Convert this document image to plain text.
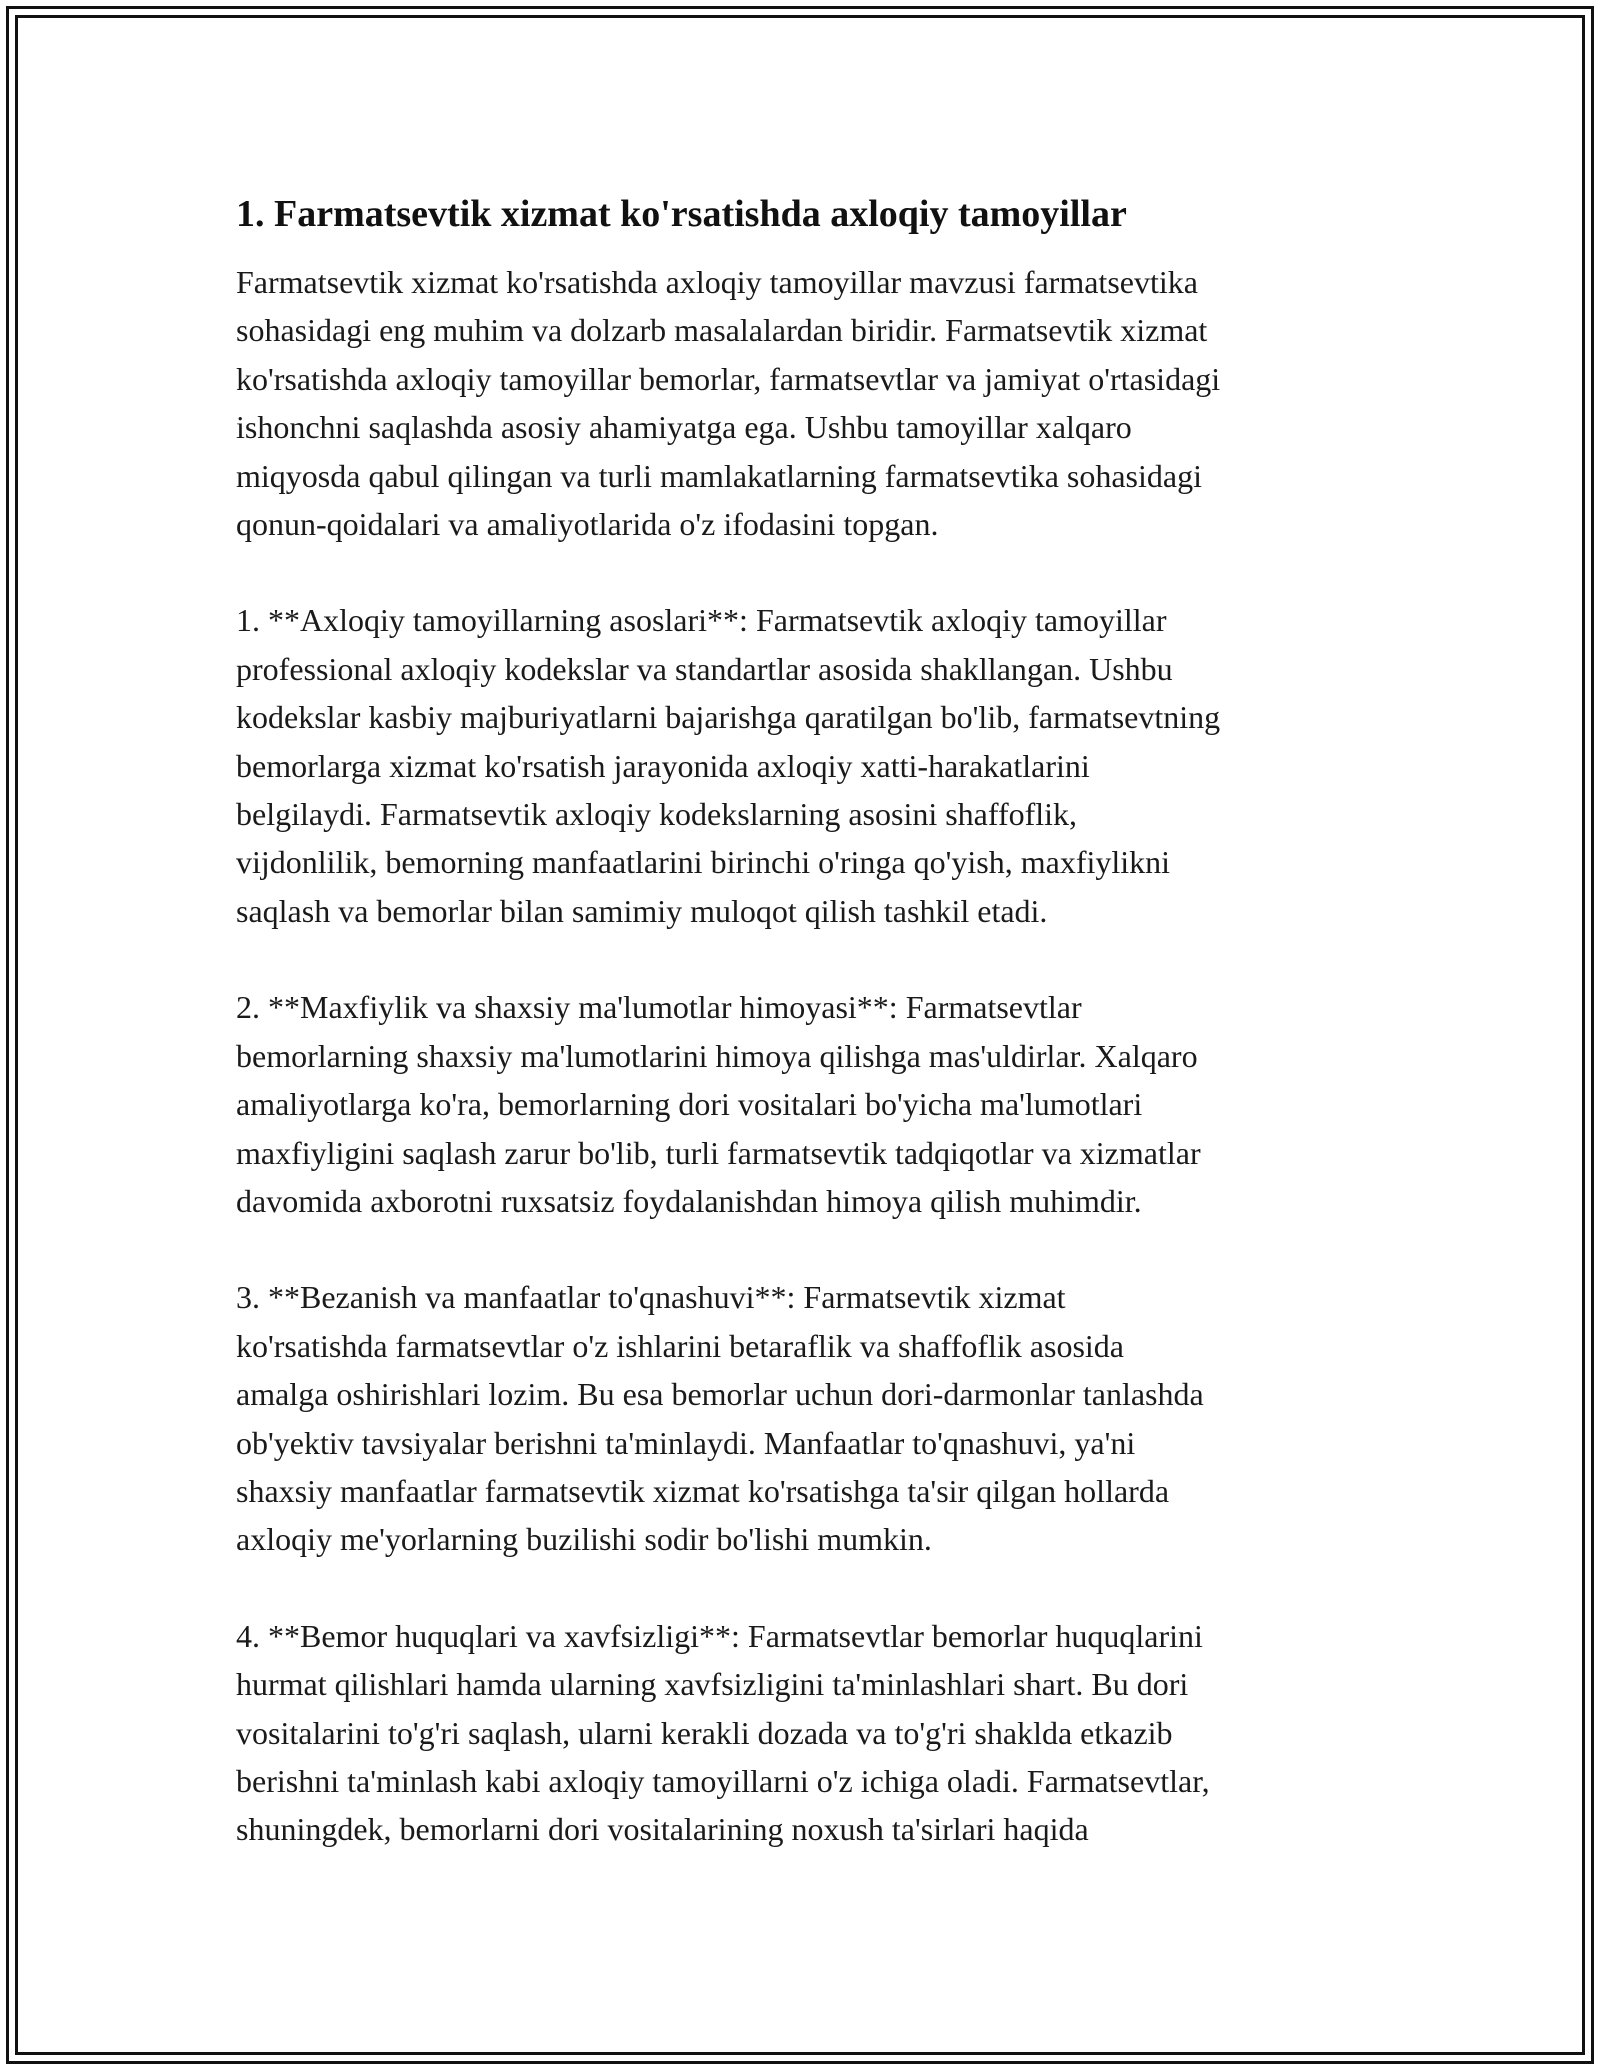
1. Farmatsevtik xizmat ko'rsatishda axloqiy tamoyillar

Farmatsevtik xizmat ko'rsatishda axloqiy tamoyillar mavzusi farmatsevtika
sohasidagi eng muhim va dolzarb masalalardan biridir. Farmatsevtik xizmat
ko'rsatishda axloqiy tamoyillar bemorlar, farmatsevtlar va jamiyat o'rtasidagi
ishonchni saqlashda asosiy ahamiyatga ega. Ushbu tamoyillar xalqaro
miqyosda qabul qilingan va turli mamlakatlarning farmatsevtika sohasidagi
qonun-qoidalari va amaliyotlarida o'z ifodasini topgan.

1. **Axloqiy tamoyillarning asoslari**: Farmatsevtik axloqiy tamoyillar
professional axloqiy kodekslar va standartlar asosida shakllangan. Ushbu
kodekslar kasbiy majburiyatlarni bajarishga qaratilgan bo'lib, farmatsevtning
bemorlarga xizmat ko'rsatish jarayonida axloqiy xatti-harakatlarini
belgilaydi. Farmatsevtik axloqiy kodekslarning asosini shaffoflik,
vijdonlilik, bemorning manfaatlarini birinchi o'ringa qo'yish, maxfiylikni
saqlash va bemorlar bilan samimiy muloqot qilish tashkil etadi.

2. **Maxfiylik va shaxsiy ma'lumotlar himoyasi**: Farmatsevtlar
bemorlarning shaxsiy ma'lumotlarini himoya qilishga mas'uldirlar. Xalqaro
amaliyotlarga ko'ra, bemorlarning dori vositalari bo'yicha ma'lumotlari
maxfiyligini saqlash zarur bo'lib, turli farmatsevtik tadqiqotlar va xizmatlar
davomida axborotni ruxsatsiz foydalanishdan himoya qilish muhimdir.

3. **Bezanish va manfaatlar to'qnashuvi**: Farmatsevtik xizmat
ko'rsatishda farmatsevtlar o'z ishlarini betaraflik va shaffoflik asosida
amalga oshirishlari lozim. Bu esa bemorlar uchun dori-darmonlar tanlashda
ob'yektiv tavsiyalar berishni ta'minlaydi. Manfaatlar to'qnashuvi, ya'ni
shaxsiy manfaatlar farmatsevtik xizmat ko'rsatishga ta'sir qilgan hollarda
axloqiy me'yorlarning buzilishi sodir bo'lishi mumkin.

4. **Bemor huquqlari va xavfsizligi**: Farmatsevtlar bemorlar huquqlarini
hurmat qilishlari hamda ularning xavfsizligini ta'minlashlari shart. Bu dori
vositalarini to'g'ri saqlash, ularni kerakli dozada va to'g'ri shaklda etkazib
berishni ta'minlash kabi axloqiy tamoyillarni o'z ichiga oladi. Farmatsevtlar,
shuningdek, bemorlarni dori vositalarining noxush ta'sirlari haqida
